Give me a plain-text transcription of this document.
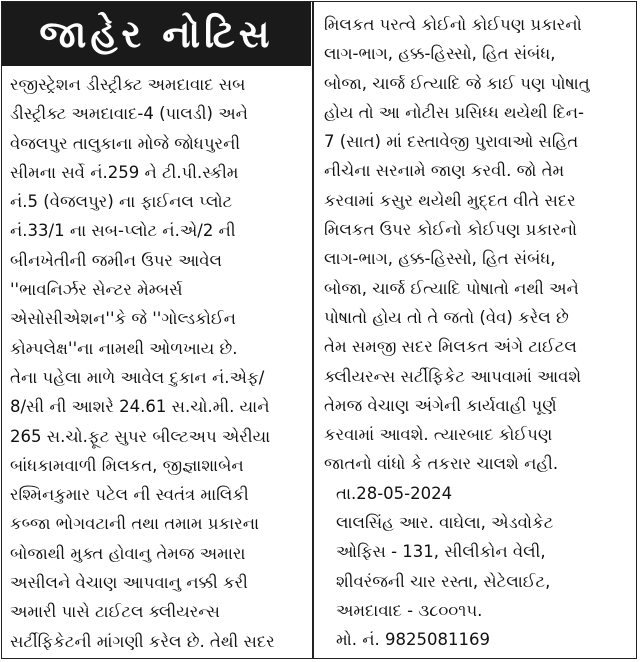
જાહેર નોટિસ
રજીસ્ટ્રેશન ડીસ્ટ્રીક્ટ અમદાવાદ સબ
ડીસ્ટ્રીક્ટ અમદાવાદ-4 (પાલડી) અને
વેજલપુર તાલુકાના મોજે જોધપુરની
સીમના સર્વે નં.259 ને ટી.પી.સ્કીમ
નં.5 (વેજલપુર) ના ફાઈનલ પ્લોટ
નં.33/1 ના સબ-પ્લોટ નં.એ/2 ની
બીનખેતીની જમીન ઉપર આવેલ
''ભાવનિર્ઝર સેન્ટર મેમ્બર્સ
એસોસીએશન''કે જે ''ગોલ્ડકોઈન
કોમ્પલેક્ષ''ના નામથી ઓળખાય છે.
તેના પહેલા માળે આવેલ દુકાન નં.એફ/
8/સી ની આશરે 24.61 સ.ચો.મી. યાને
265 સ.ચો.ફૂટ સુપર બીલ્ટઅપ એરીયા
બાંધકામવાળી મિલકત, જીજ્ઞાશાબેન
રશ્મિનકુમાર પટેલ ની સ્વતંત્ર માલિકી
કબ્જા ભોગવટાની તથા તમામ પ્રકારના
બોજાથી મુક્ત હોવાનુ તેમજ અમારા
અસીલને વેચાણ આપવાનુ નક્કી કરી
અમારી પાસે ટાઈટલ ક્લીયરન્સ
સર્ટીફિકેટની માંગણી કરેલ છે. તેથી સદર
મિલકત પરત્વે કોઈનો કોઈપણ પ્રકારનો
લાગ-ભાગ, હક્ક-હિસ્સો, હિત સંબંધ,
બોજા, ચાર્જ ઈત્યાદિ જે કાઈ પણ પોષાતુ
હોય તો આ નોટીસ પ્રસિધ્ધ થયેથી દિન-
7 (સાત) માં દસ્તાવેજી પુરાવાઓ સહિત
નીચેના સરનામે જાણ કરવી. જો તેમ
કરવામાં કસુર થયેથી મુદ્દત વીતે સદર
મિલકત ઉપર કોઈનો કોઈપણ પ્રકારનો
લાગ-ભાગ, હક્ક-હિસ્સો, હિત સંબંધ,
બોજા, ચાર્જ ઈત્યાદિ પોષાતો નથી અને
પોષાતો હોય તો તે જતો (વેવ) કરેલ છે
તેમ સમજી સદર મિલકત અંગે ટાઈટલ
ક્લીયરન્સ સર્ટીફિકેટ આપવામાં આવશે
તેમજ વેચાણ અંગેની કાર્યવાહી પૂર્ણ
કરવામાં આવશે. ત્યારબાદ કોઈપણ
જાતનો વાંધો કે તકરાર ચાલશે નહી.
તા.28-05-2024
લાલસિંહ આર. વાઘેલા, એડવોકેટ
ઓફિસ - 131, સીલીકોન વેલી,
શીવરંજની ચાર રસ્તા, સેટેલાઈટ,
અમદાવાદ - ૩૮૦૦૧૫.
મો. નં. 9825081169
